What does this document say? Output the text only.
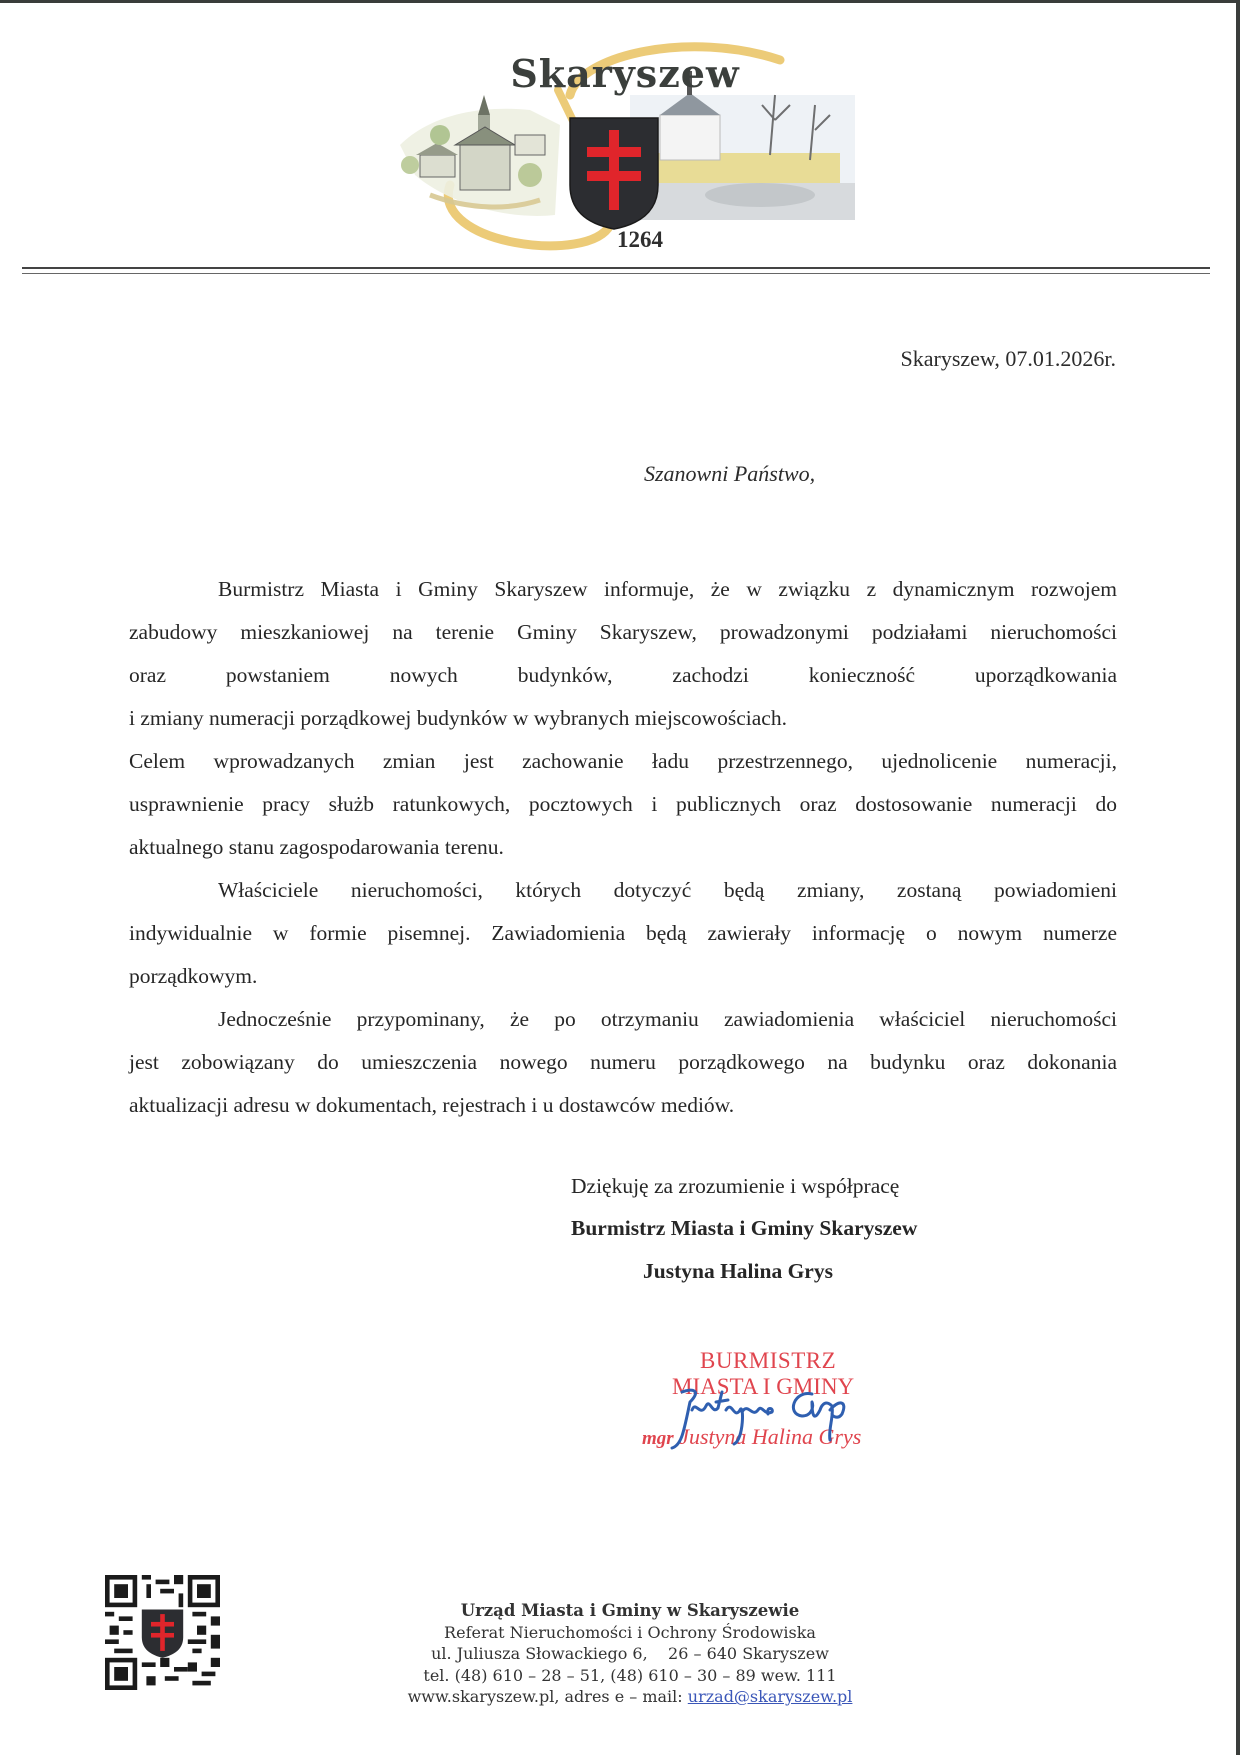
Skaryszew
1264
Skaryszew, 07.01.2026r.
Szanowni Państwo,

Burmistrz Miasta i Gminy Skaryszew informuje, że w związku z dynamicznym rozwojem
zabudowy mieszkaniowej na terenie Gminy Skaryszew, prowadzonymi podziałami nieruchomości
oraz powstaniem nowych budynków, zachodzi konieczność uporządkowania
i zmiany numeracji porządkowej budynków w wybranych miejscowościach.

Celem wprowadzanych zmian jest zachowanie ładu przestrzennego, ujednolicenie numeracji,
usprawnienie pracy służb ratunkowych, pocztowych i publicznych oraz dostosowanie numeracji do
aktualnego stanu zagospodarowania terenu.

Właściciele nieruchomości, których dotyczyć będą zmiany, zostaną powiadomieni
indywidualnie w formie pisemnej. Zawiadomienia będą zawierały informację o nowym numerze
porządkowym.

Jednocześnie przypominany, że po otrzymaniu zawiadomienia właściciel nieruchomości
jest zobowiązany do umieszczenia nowego numeru porządkowego na budynku oraz dokonania
aktualizacji adresu w dokumentach, rejestrach i u dostawców mediów.

Dziękuję za zrozumienie i współpracę
Burmistrz Miasta i Gminy Skaryszew
Justyna Halina Grys
BURMISTRZ
MIASTA I GMINY
mgr Justyna Halina Grys
Urząd Miasta i Gminy w Skaryszewie
Referat Nieruchomości i Ochrony Środowiska
ul. Juliusza Słowackiego 6,    26 – 640 Skaryszew
tel. (48) 610 – 28 – 51, (48) 610 – 30 – 89 wew. 111
www.skaryszew.pl, adres e – mail: urzad@skaryszew.pl
